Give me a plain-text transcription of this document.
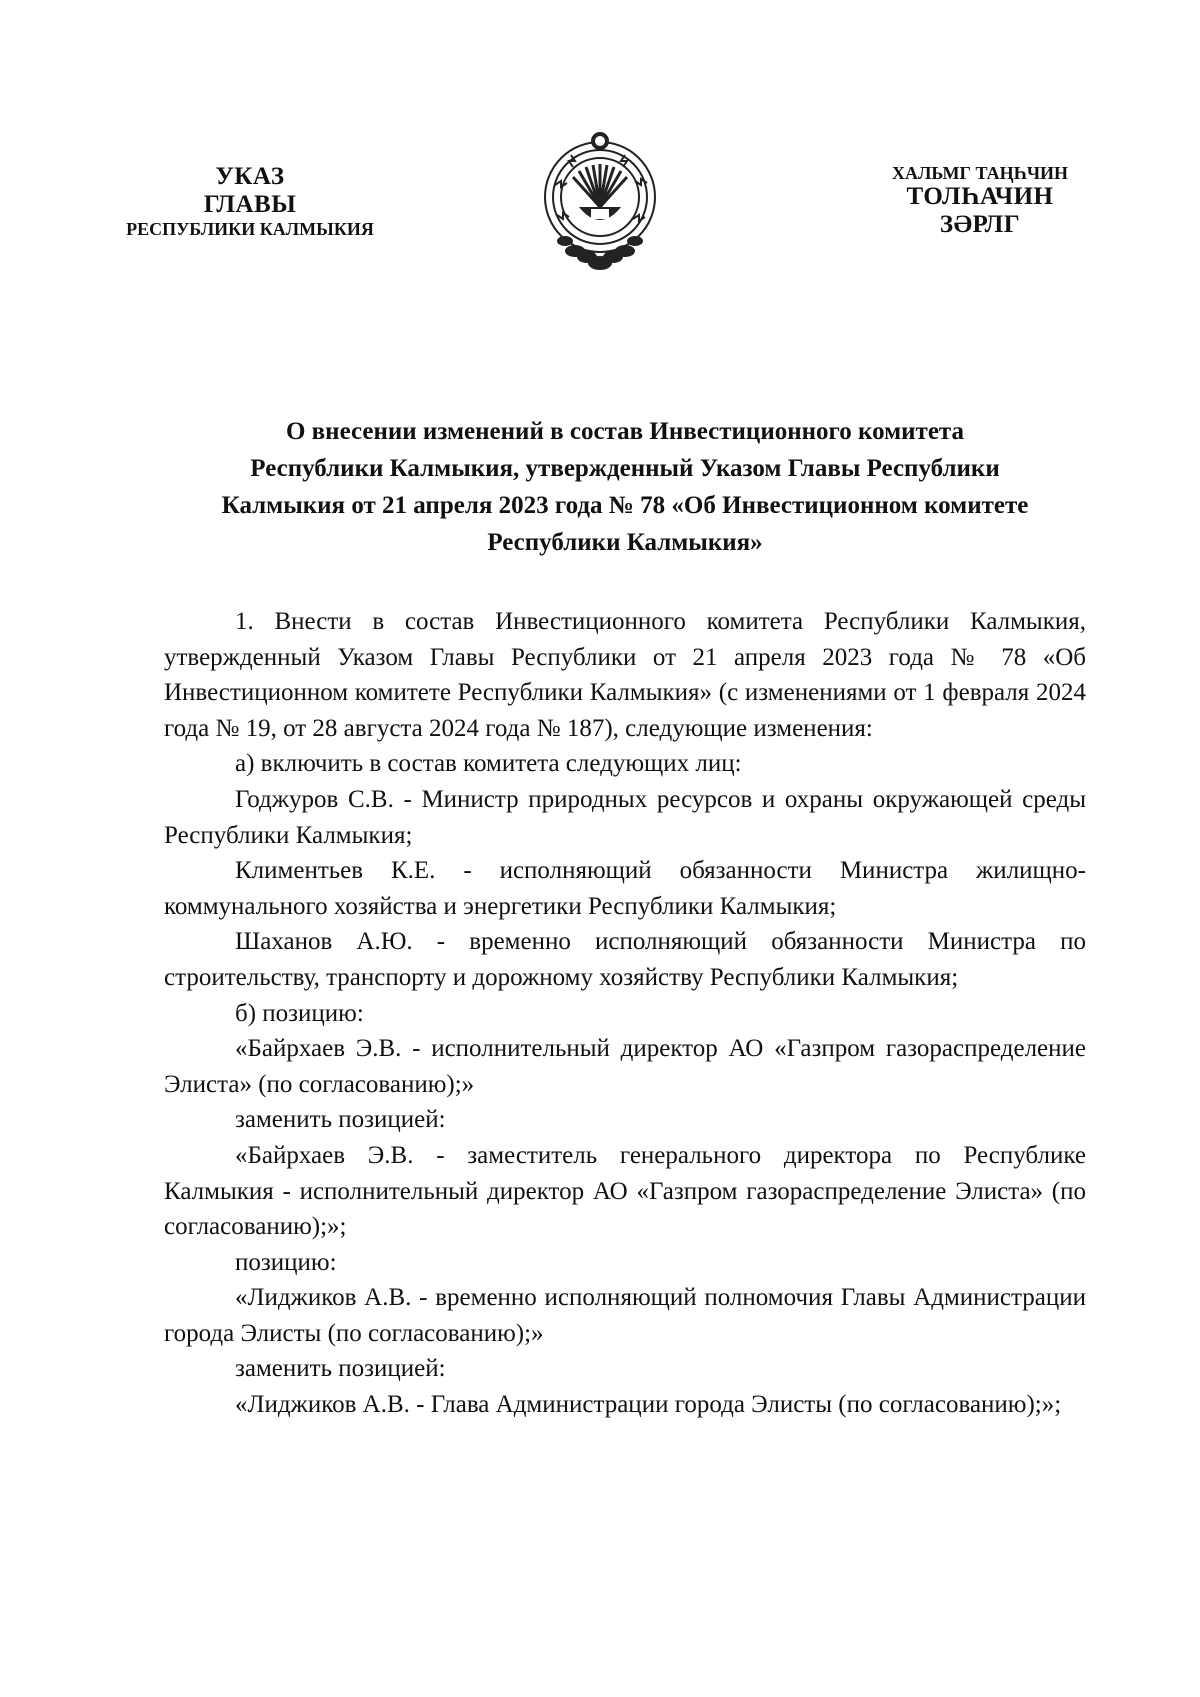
УКАЗ
ГЛАВЫ
РЕСПУБЛИКИ КАЛМЫКИЯ
ХАЛЬМГ ТАҢҺЧИН
ТОЛҺАЧИН
ЗӘРЛГ
О внесении изменений в состав Инвестиционного комитета
Республики Калмыкия, утвержденный Указом Главы Республики
Калмыкия от 21 апреля 2023 года № 78 «Об Инвестиционном комитете
Республики Калмыкия»

1. Внести в состав Инвестиционного комитета Республики Калмыкия, утвержденный Указом Главы Республики от 21 апреля 2023 года № 78 «Об Инвестиционном комитете Республики Калмыкия» (с изменениями от 1 февраля 2024 года № 19, от 28 августа 2024 года № 187), следующие изменения:

а) включить в состав комитета следующих лиц:

Годжуров С.В. - Министр природных ресурсов и охраны окружающей среды Республики Калмыкия;

Климентьев К.Е. - исполняющий обязанности Министра жилищно-коммунального хозяйства и энергетики Республики Калмыкия;

Шаханов А.Ю. - временно исполняющий обязанности Министра по строительству, транспорту и дорожному хозяйству Республики Калмыкия;

б) позицию:

«Байрхаев Э.В. - исполнительный директор АО «Газпром газораспределение Элиста» (по согласованию);»

заменить позицией:

«Байрхаев Э.В. - заместитель генерального директора по Республике Калмыкия - исполнительный директор АО «Газпром газораспределение Элиста» (по согласованию);»;

позицию:

«Лиджиков А.В. - временно исполняющий полномочия Главы Администрации города Элисты (по согласованию);»

заменить позицией:

«Лиджиков А.В. - Глава Администрации города Элисты (по согласованию);»;
